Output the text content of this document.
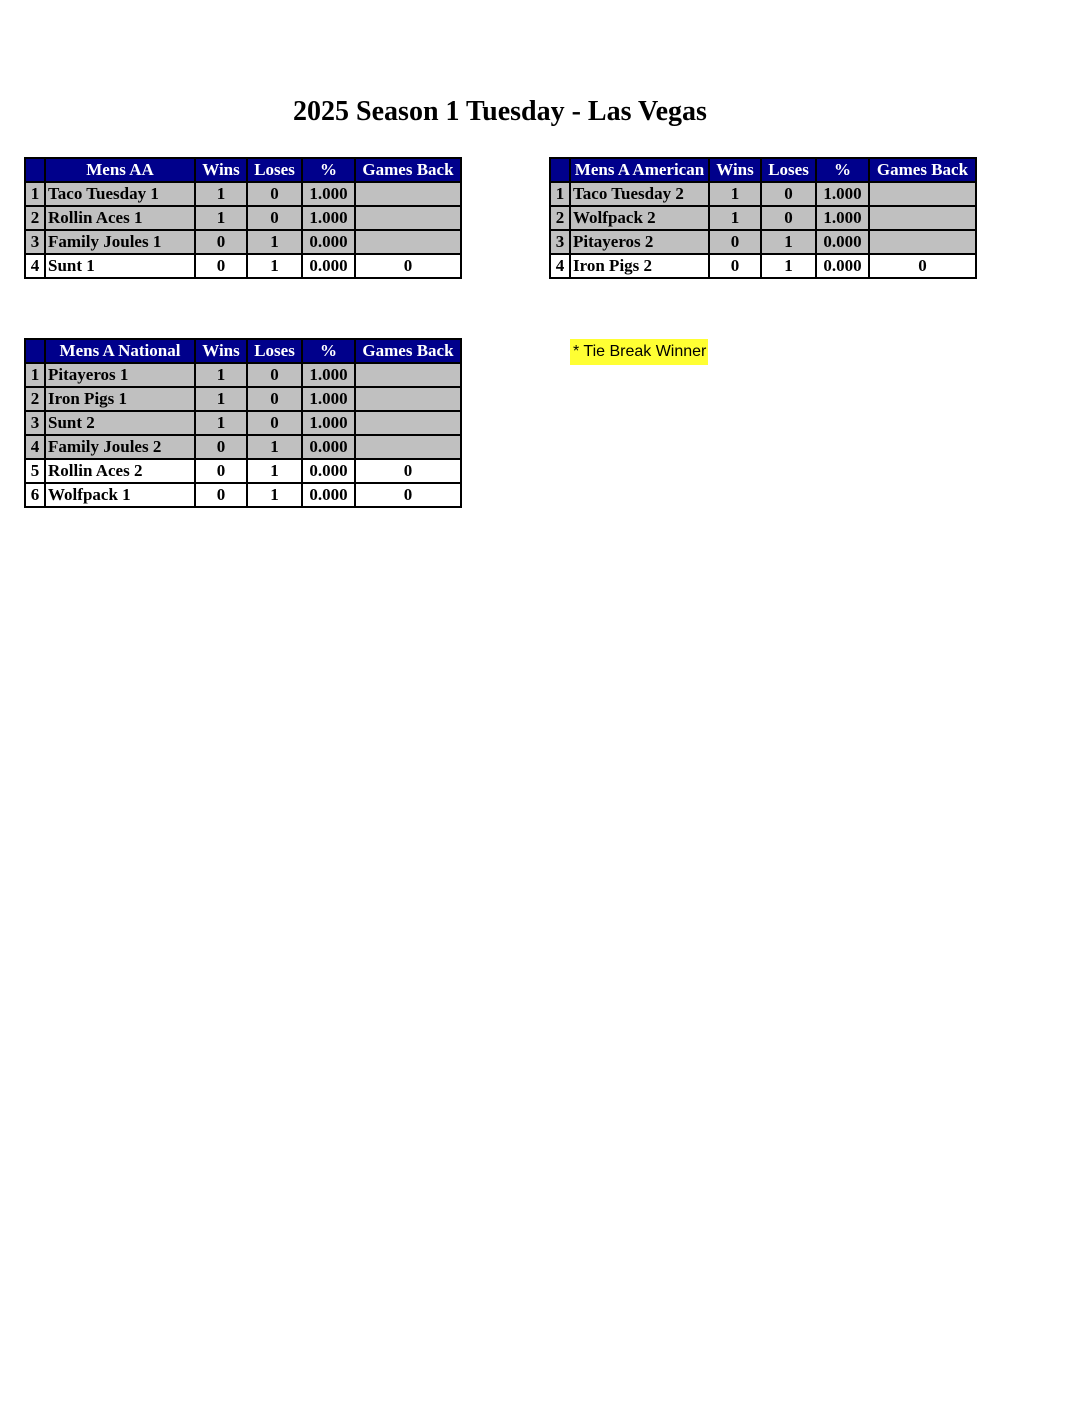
2025 Season 1 Tuesday - Las Vegas
	Mens AA	Wins	Loses	%	Games Back
1	Taco Tuesday 1	1	0	1.000	
2	Rollin Aces 1	1	0	1.000	
3	Family Joules 1	0	1	0.000	
4	Sunt 1	0	1	0.000	0
	Mens A American	Wins	Loses	%	Games Back
1	Taco Tuesday 2	1	0	1.000	
2	Wolfpack 2	1	0	1.000	
3	Pitayeros 2	0	1	0.000	
4	Iron Pigs 2	0	1	0.000	0
	Mens A National	Wins	Loses	%	Games Back
1	Pitayeros 1	1	0	1.000	
2	Iron Pigs 1	1	0	1.000	
3	Sunt 2	1	0	1.000	
4	Family Joules 2	0	1	0.000	
5	Rollin Aces 2	0	1	0.000	0
6	Wolfpack 1	0	1	0.000	0
* Tie Break Winner
